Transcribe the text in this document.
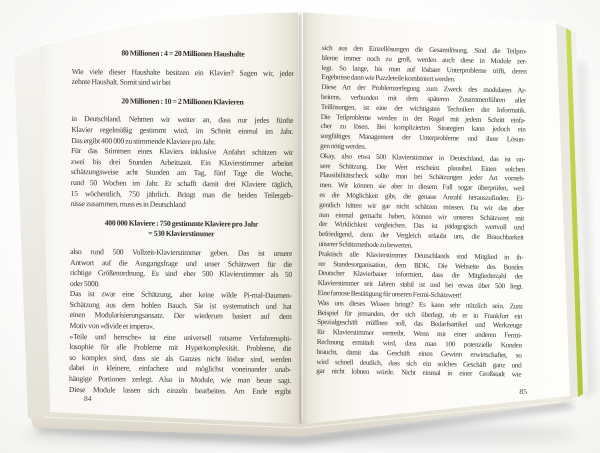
80 Millionen : 4 = 20 Millionen Haushalte
Wie viele dieser Haushalte besitzen ein Klavier? Sagen wir, jeder
zehnte Haushalt. Somit sind wir bei
20 Millionen : 10 = 2 Millionen Klavieren
in Deutschland. Nehmen wir weiter an, dass nur jedes fünfte
Klavier regelmäßig gestimmt wird, im Schnitt einmal im Jahr.
Das ergibt 400 000 zu stimmende Klaviere pro Jahr.
Für das Stimmen eines Klaviers inklusive Anfahrt schätzen wir
zwei bis drei Stunden Arbeitszeit. Ein Klavierstimmer arbeitet
schätzungsweise acht Stunden am Tag, fünf Tage die Woche,
rund 50 Wochen im Jahr. Er schafft damit drei Klaviere täglich,
15 wöchentlich, 750 jährlich. Bringt man die beiden Teilergeb-
nisse zusammen, muss es in Deutschland
400 000 Klaviere : 750 gestimmte Klaviere pro Jahr
= 530 Klavierstimmer
also rund 500 Vollzeit-Klavierstimmer geben. Das ist unsere
Antwort auf die Ausgangsfrage und unser Schätzwert für die
richtige Größenordnung. Es sind eher 500 Klavierstimmer als 50
oder 5000.
Das ist zwar eine Schätzung, aber keine wilde Pi-mal-Daumen-
Schätzung aus dem hohlen Bauch. Sie ist systematisch und hat
einen Modularisierungsansatz. Der wiederum basiert auf dem
Motiv von »divide et impera«.
»Teile und herrsche« ist eine universell ratsame Verfahrensphi-
losophie für alle Probleme mit Hyperkomplexität. Probleme, die
so komplex sind, dass sie als Ganzes nicht lösbar sind, werden
dabei in kleinere, einfachere und möglichst voneinander unab-
hängige Portionen zerlegt. Also in Module, wie man heute sagt.
Diese Module lassen sich einzeln bearbeiten. Am Ende ergibt
sich aus den Einzellösungen die Gesamtlösung. Sind die Teilpro-
bleme immer noch zu groß, werden auch diese in Module zer-
legt. So lange, bis man auf lösbare Unterprobleme trifft, deren
Ergebnisse dann wie Puzzleteile kombiniert werden.
Diese Art der Problemzerlegung zum Zweck des modularen Ar-
beitens, verbunden mit dem späteren Zusammenführen aller
Teillösungen, ist eine der wichtigsten Techniken der Informatik.
Die Teilprobleme werden in der Regel mit jedem Schritt einfa-
cher zu lösen. Bei komplizierten Strategien kann jedoch ein
sorgfältiges Management der Unterprobleme und ihrer Lösun-
gen nötig werden.
Okay, also etwa 500 Klavierstimmer in Deutschland, das ist un-
sere Schätzung. Der Wert erscheint plausibel. Einen solchen
Plausibilitätscheck sollte man bei Schätzungen jeder Art vorneh-
men. Wir können sie aber in diesem Fall sogar überprüfen, weil
es die Möglichkeit gibt, die genaue Anzahl herauszufinden. Ei-
gentlich hätten wir gar nicht schätzen müssen. Da wir das aber
nun einmal gemacht haben, können wir unseren Schätzwert mit
der Wirklichkeit vergleichen. Das ist pädagogisch wertvoll und
befriedigend, denn der Vergleich erlaubt uns, die Brauchbarkeit
unserer Schätzmethode zu bewerten.
Praktisch alle Klavierstimmer Deutschlands sind Mitglied in ih-
rer Standesorganisation, dem BDK. Die Webseite des Bundes
Deutscher Klavierbauer informiert, dass die Mitgliederzahl der
Klavierstimmer seit Jahren stabil ist und bei etwas über 500 liegt.
Eine famose Bestätigung für unseren Fermi-Schätzwert!
Was uns dieses Wissen bringt? Es kann sehr nützlich sein. Zum
Beispiel für jemanden, der sich überlegt, ob er in Frankfurt ein
Spezialgeschäft eröffnen soll, das Bedarfsartikel und Werkzeuge
für Klavierstimmer vertreibt. Wenn mit einer anderen Fermi-
Rechnung ermittelt wird, dass man 100 potenzielle Kunden
braucht, damit das Geschäft einen Gewinn erwirtschaftet, so
wird schnell deutlich, dass sich ein solches Geschäft ganz und
gar nicht lohnen würde. Nicht einmal in einer Großstadt wie
84
85
